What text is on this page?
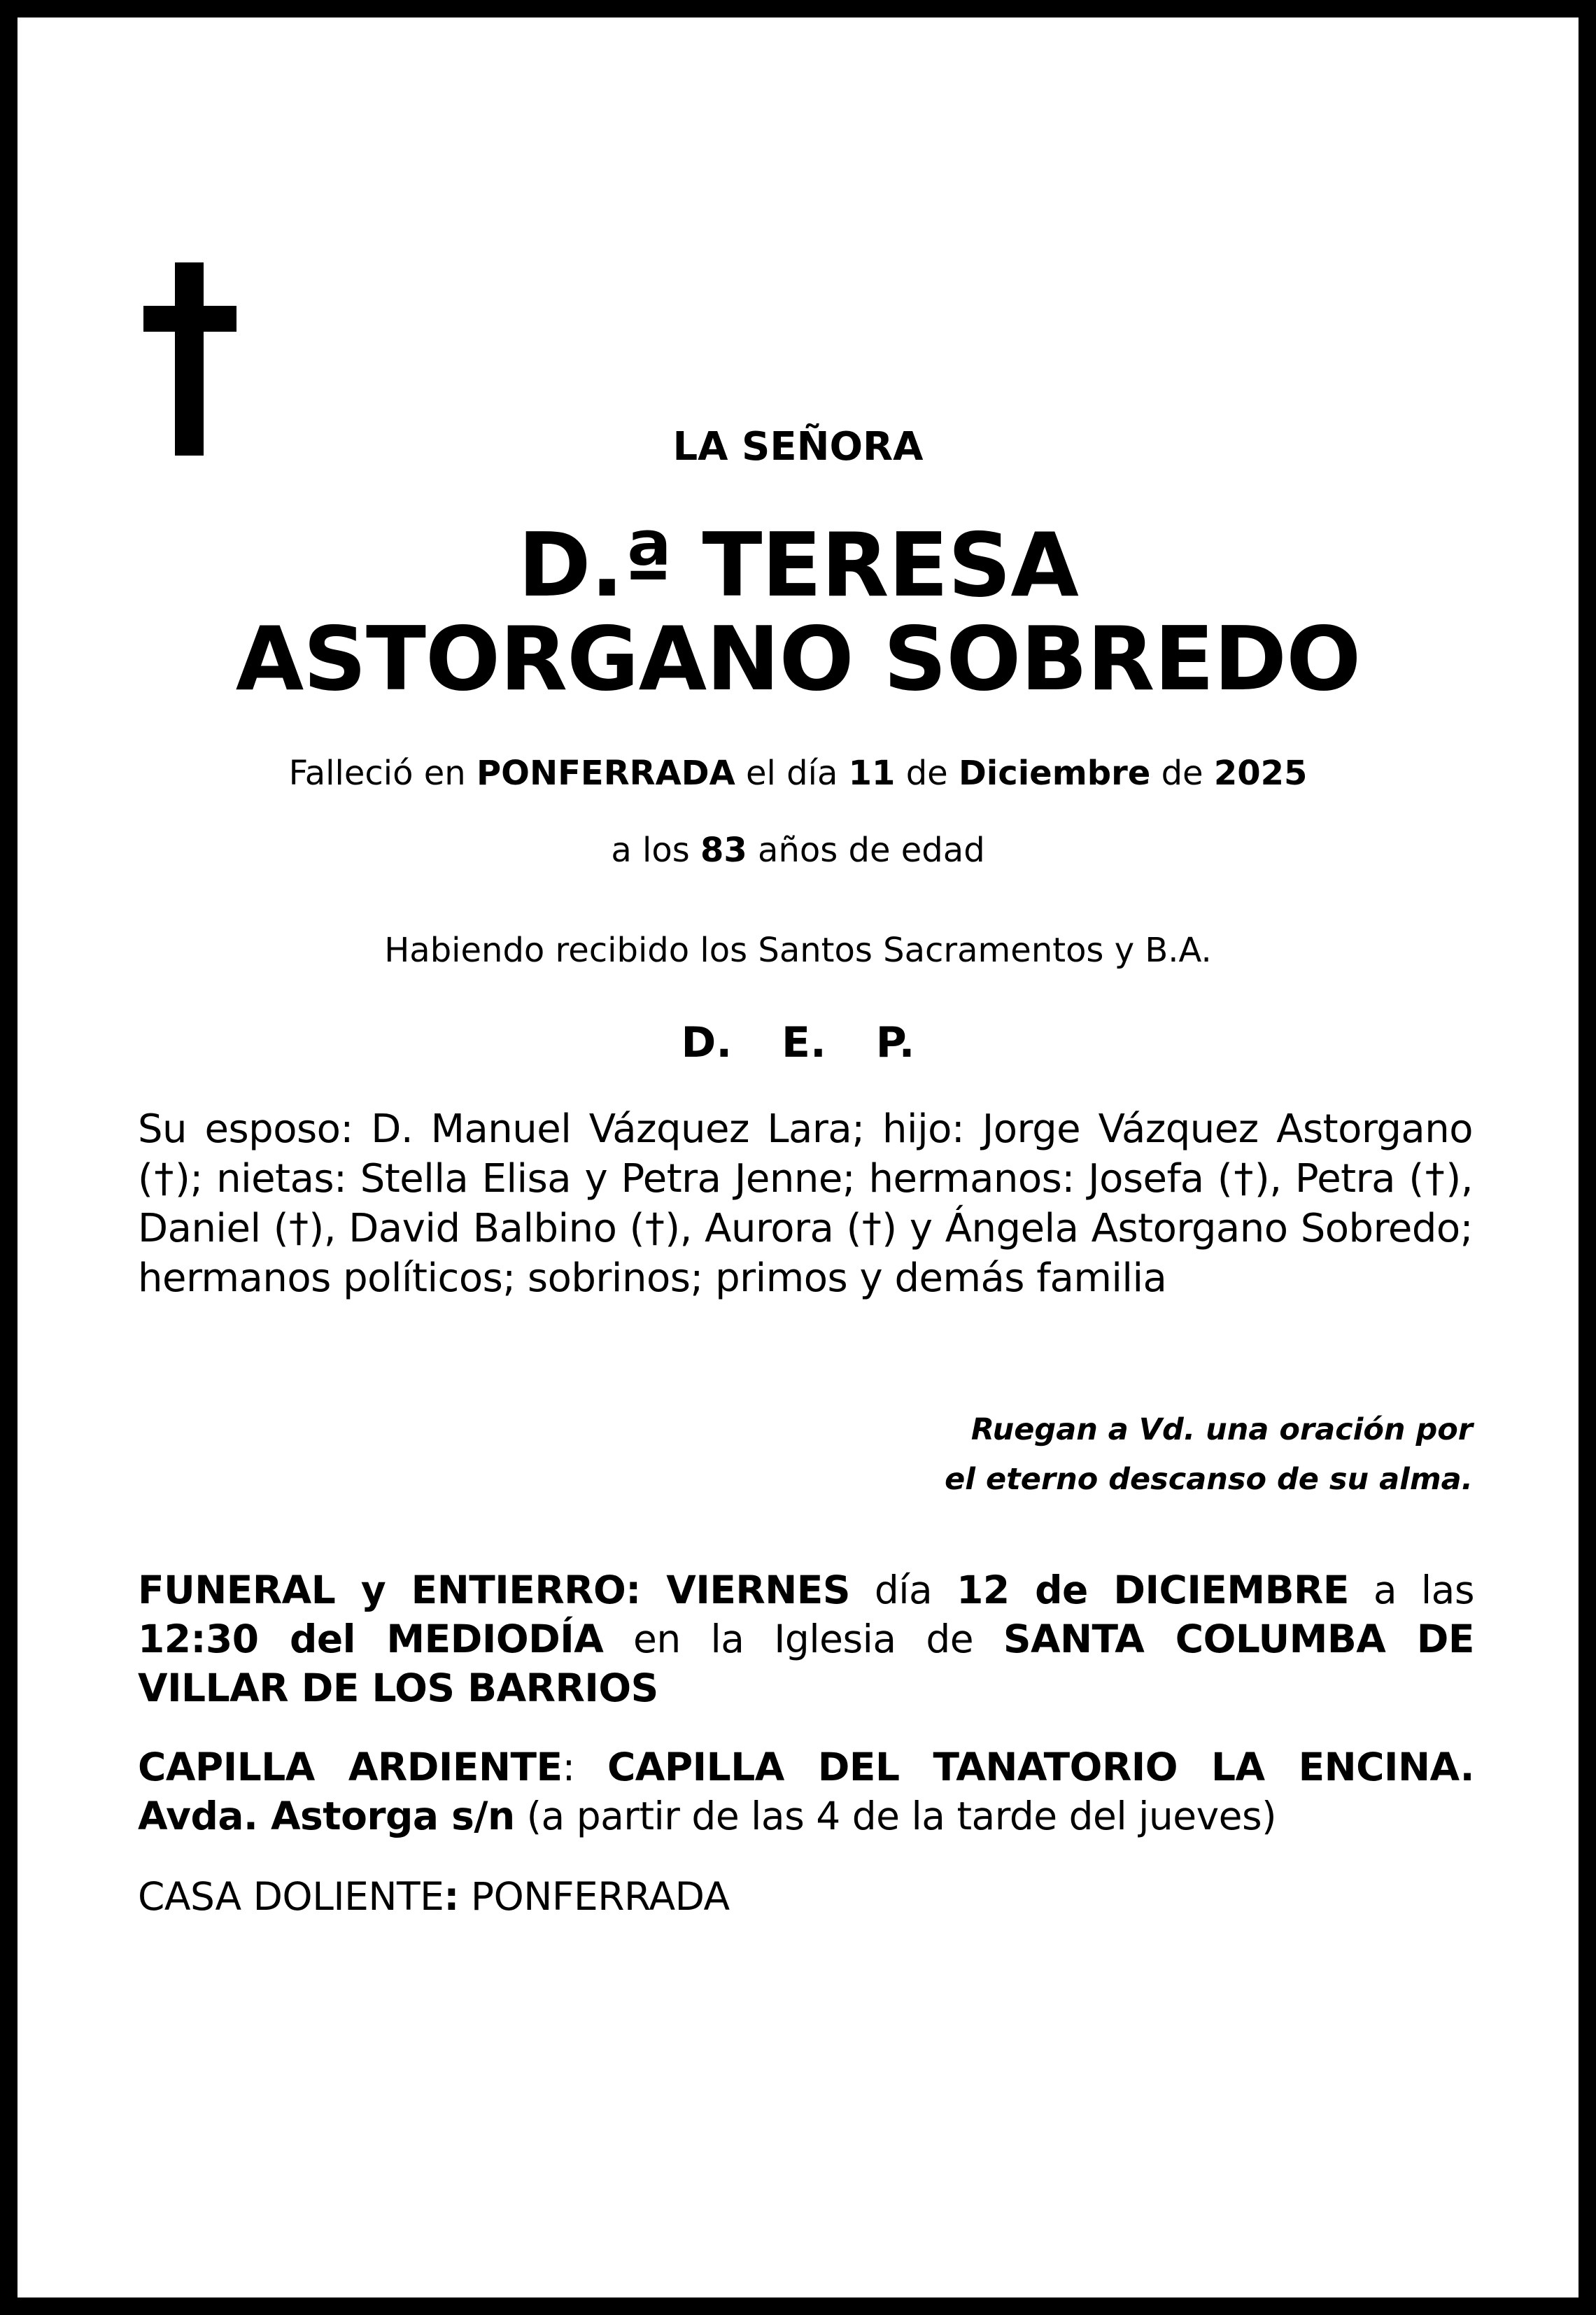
LA SEÑORA
D.ª TERESA
ASTORGANO SOBREDO
Falleció en PONFERRADA el día 11 de Diciembre de 2025
a los 83 años de edad
Habiendo recibido los Santos Sacramentos y B.A.
D. E. P.
Su esposo: D. Manuel Vázquez Lara; hijo: Jorge Vázquez Astorgano (†); nietas: Stella Elisa y Petra Jenne; hermanos: Josefa (†), Petra (†), Daniel (†), David Balbino (†), Aurora (†) y Ángela Astorgano Sobredo; hermanos políticos; sobrinos; primos y demás familia
Ruegan a Vd. una oración por
el eterno descanso de su alma.
FUNERAL y ENTIERRO: VIERNES día 12 de DICIEMBRE a las 12:30 del MEDIODÍA en la Iglesia de SANTA COLUMBA DE VILLAR DE LOS BARRIOS
CAPILLA ARDIENTE: CAPILLA DEL TANATORIO LA ENCINA. Avda. Astorga s/n (a partir de las 4 de la tarde del jueves)
CASA DOLIENTE: PONFERRADA
